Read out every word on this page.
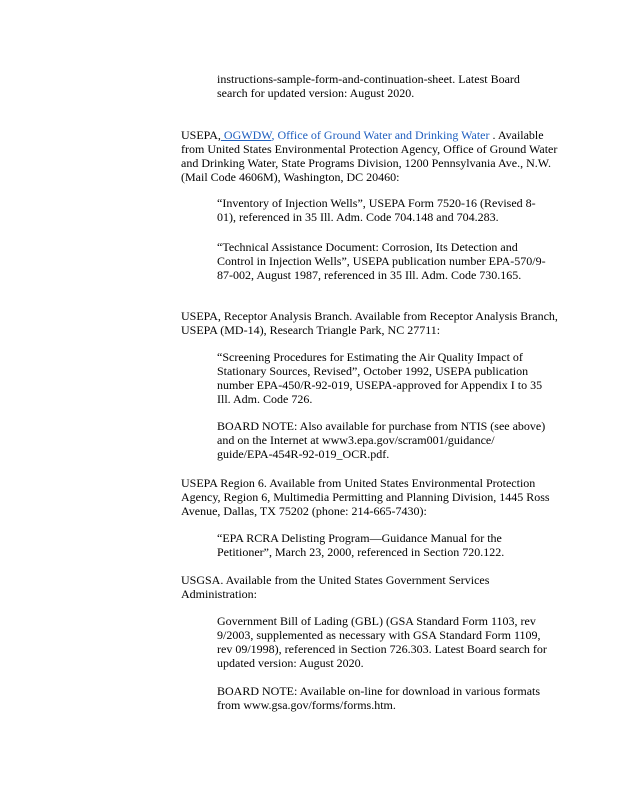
instructions-sample-form-and-continuation-sheet. Latest Board search for updated version: August 2020.

USEPA, OGWDW, Office of Ground Water and Drinking Water . Available from United States Environmental Protection Agency, Office of Ground Water and Drinking Water, State Programs Division, 1200 Pennsylvania Ave., N.W. (Mail Code 4606M), Washington, DC 20460:

“Inventory of Injection Wells”, USEPA Form 7520-16 (Revised 8-01), referenced in 35 Ill. Adm. Code 704.148 and 704.283.

“Technical Assistance Document: Corrosion, Its Detection and Control in Injection Wells”, USEPA publication number EPA-570/9-87-002, August 1987, referenced in 35 Ill. Adm. Code 730.165.

USEPA, Receptor Analysis Branch. Available from Receptor Analysis Branch, USEPA (MD-14), Research Triangle Park, NC 27711:

“Screening Procedures for Estimating the Air Quality Impact of Stationary Sources, Revised”, October 1992, USEPA publication number EPA-450/R-92-019, USEPA-approved for Appendix I to 35 Ill. Adm. Code 726.

BOARD NOTE: Also available for purchase from NTIS (see above) and on the Internet at www3.epa.gov/scram001/guidance/ guide/EPA-454R-92-019_OCR.pdf.

USEPA Region 6. Available from United States Environmental Protection Agency, Region 6, Multimedia Permitting and Planning Division, 1445 Ross Avenue, Dallas, TX 75202 (phone: 214-665-7430):

“EPA RCRA Delisting Program—Guidance Manual for the Petitioner”, March 23, 2000, referenced in Section 720.122.

USGSA. Available from the United States Government Services Administration:

Government Bill of Lading (GBL) (GSA Standard Form 1103, rev 9/2003, supplemented as necessary with GSA Standard Form 1109, rev 09/1998), referenced in Section 726.303. Latest Board search for updated version: August 2020.

BOARD NOTE: Available on-line for download in various formats from www.gsa.gov/forms/forms.htm.
